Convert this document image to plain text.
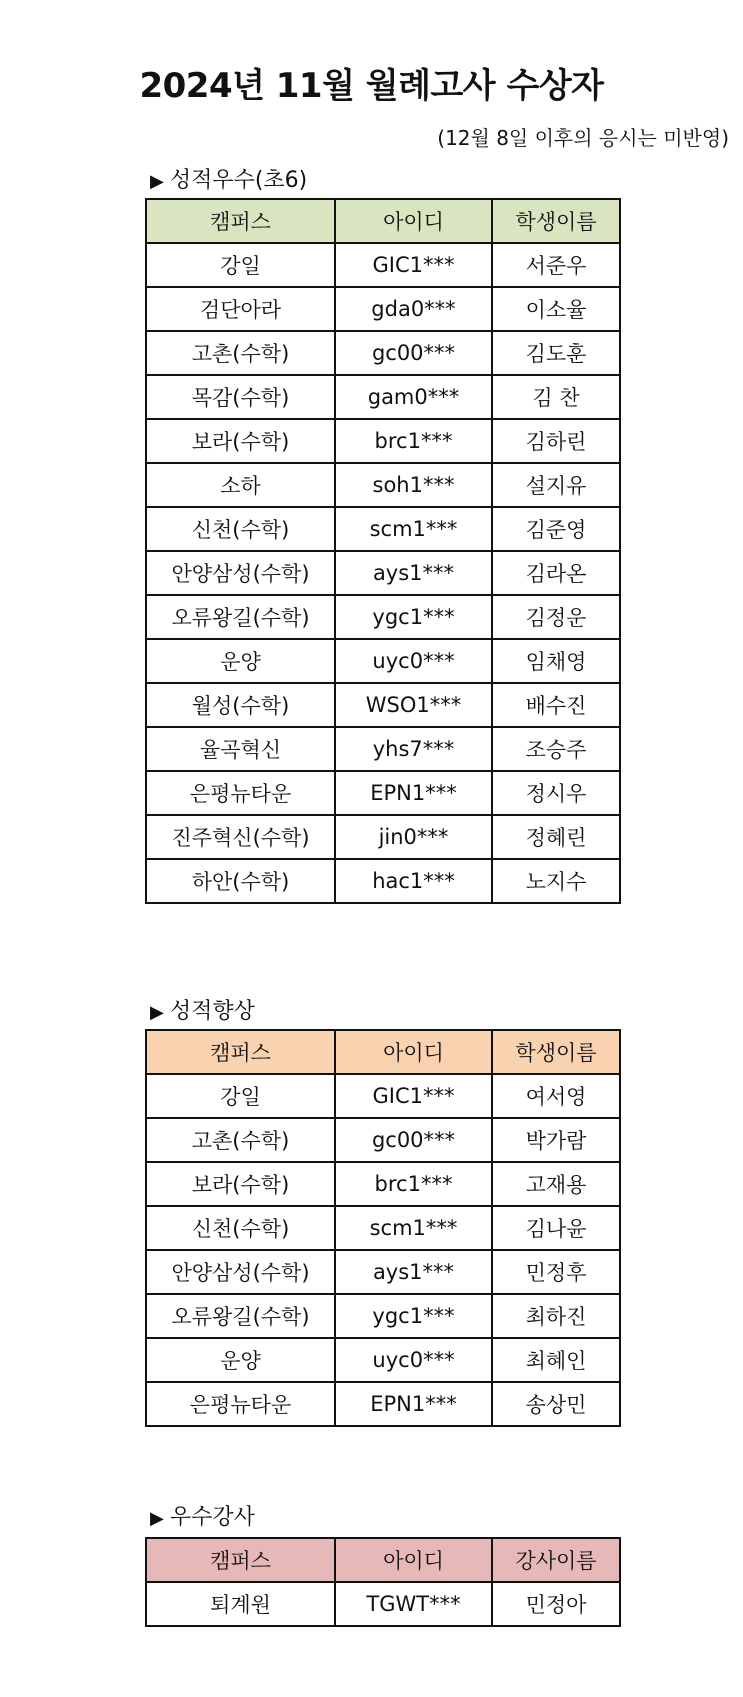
2024년 11월 월례고사 수상자
(12월 8일 이후의 응시는 미반영)
▶ 성적우수(초6)
캠퍼스	아이디	학생이름
강일	GIC1***	서준우
검단아라	gda0***	이소율
고촌(수학)	gc00***	김도훈
목감(수학)	gam0***	김 찬
보라(수학)	brc1***	김하린
소하	soh1***	설지유
신천(수학)	scm1***	김준영
안양삼성(수학)	ays1***	김라온
오류왕길(수학)	ygc1***	김정운
운양	uyc0***	임채영
월성(수학)	WSO1***	배수진
율곡혁신	yhs7***	조승주
은평뉴타운	EPN1***	정시우
진주혁신(수학)	jin0***	정혜린
하안(수학)	hac1***	노지수
▶ 성적향상
캠퍼스	아이디	학생이름
강일	GIC1***	여서영
고촌(수학)	gc00***	박가람
보라(수학)	brc1***	고재용
신천(수학)	scm1***	김나윤
안양삼성(수학)	ays1***	민정후
오류왕길(수학)	ygc1***	최하진
운양	uyc0***	최혜인
은평뉴타운	EPN1***	송상민
▶ 우수강사
캠퍼스	아이디	강사이름
퇴계원	TGWT***	민정아
